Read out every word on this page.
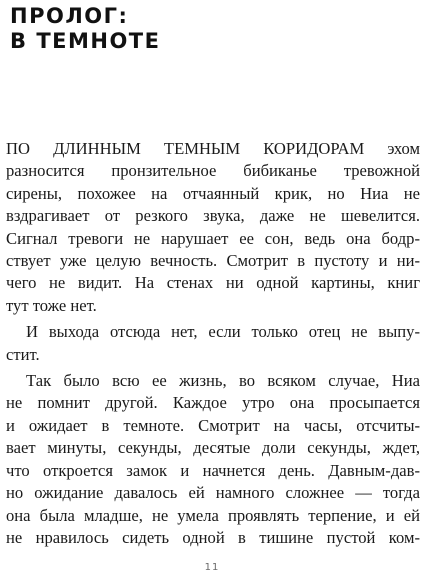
ПРОЛОГ:
В ТЕМНОТЕ
ПО ДЛИННЫМ ТЕМНЫМ КОРИДОРАМ эхом
разносится пронзительное бибиканье тревожной
сирены, похожее на отчаянный крик, но Ниа не
вздрагивает от резкого звука, даже не шевелится.
Сигнал тревоги не нарушает ее сон, ведь она бодр-
ствует уже целую вечность. Смотрит в пустоту и ни-
чего не видит. На стенах ни одной картины, книг
тут тоже нет.
И выхода отсюда нет, если только отец не выпу-
стит.
Так было всю ее жизнь, во всяком случае, Ниа
не помнит другой. Каждое утро она просыпается
и ожидает в темноте. Смотрит на часы, отсчиты-
вает минуты, секунды, десятые доли секунды, ждет,
что откроется замок и начнется день. Давным-дав-
но ожидание давалось ей намного сложнее — тогда
она была младше, не умела проявлять терпение, и ей
не нравилось сидеть одной в тишине пустой ком-
11
